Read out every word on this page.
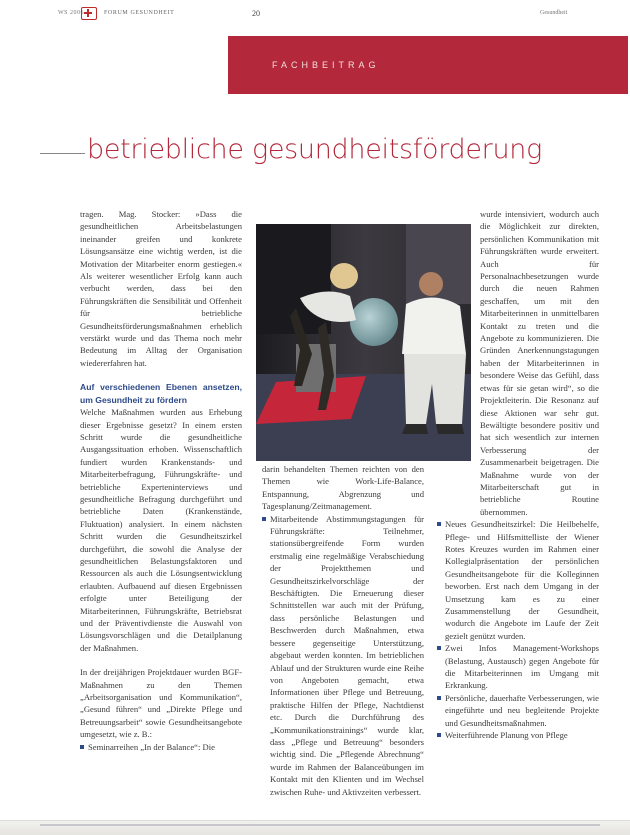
WS 2006	FORUM GESUNDHEIT	20	Gesundheit
FACHBEITRAG
betriebliche gesundheitsförderung

tragen. Mag. Stocker: »Dass die gesundheitlichen Arbeitsbelastungen ineinander greifen und konkrete Lösungsansätze eine wichtig werden, ist die Motivation der Mitarbeiter enorm gestiegen.« Als weiterer wesentlicher Erfolg kann auch verbucht werden, dass bei den Führungskräften die Sensibilität und Offenheit für betriebliche Gesundheitsförderungsmaßnahmen erheblich verstärkt wurde und das Thema noch mehr Bedeutung im Alltag der Organisation wiedererfahren hat.

Auf verschiedenen Ebenen ansetzen, um Gesundheit zu fördern

Welche Maßnahmen wurden aus Erhebung dieser Ergebnisse gesetzt? In einem ersten Schritt wurde die gesundheitliche Ausgangssituation erhoben. Wissenschaftlich fundiert wurden Krankenstands- und Mitarbeiterbefragung, Führungskräfte- und betriebliche Experteninterviews und gesundheitliche Befragung durchgeführt und betriebliche Daten (Krankenstände, Fluktuation) analysiert. In einem nächsten Schritt wurden die Gesundheitszirkel durchgeführt, die sowohl die Analyse der gesundheitlichen Belastungsfaktoren und Ressourcen als auch die Lösungsentwicklung erlaubten. Aufbauend auf diesen Ergebnissen erfolgte unter Beteiligung der Mitarbeiterinnen, Führungskräfte, Betriebsrat und der Präventivdienste die Auswahl von Lösungsvorschlägen und die Detailplanung der Maßnahmen.

In der dreijährigen Projektdauer wurden BGF-Maßnahmen zu den Themen „Arbeitsorganisation und Kommunikation“, „Gesund führen“ und „Direkte Pflege und Betreuungsarbeit“ sowie Gesundheitsangebote umgesetzt, wie z. B.:

Seminarreihen „In der Balance“: Die

darin behandelten Themen reichten von den Themen wie Work-Life-Balance, Entspannung, Abgrenzung und Tagesplanung/Zeitmanagement.

Mitarbeitende Abstimmungstagungen für Führungskräfte: Teilnehmer, stationsübergreifende Form wurden erstmalig eine regelmäßige Verabschiedung der Projektthemen und Gesundheitszirkelvorschläge der Beschäftigten. Die Erneuerung dieser Schnittstellen war auch mit der Prüfung, dass persönliche Belastungen und Beschwerden durch Maßnahmen, etwa bessere gegenseitige Unterstützung, abgebaut werden konnten. Im betrieblichen Ablauf und der Strukturen wurde eine Reihe von Angeboten gemacht, etwa Informationen über Pflege und Betreuung, praktische Hilfen der Pflege, Nachtdienst etc. Durch die Durchführung des „Kommunikationstrainings“ wurde klar, dass „Pflege und Betreuung“ besonders wichtig sind. Die „Pflegende Abrechnung“ wurde im Rahmen der Balanceübungen im Kontakt mit den Klienten und im Wechsel zwischen Ruhe- und Aktivzeiten verbessert.

wurde intensiviert, wodurch auch die Möglichkeit zur direkten, persönlichen Kommunikation mit Führungskräften wurde erweitert. Auch für Personalnachbesetzungen wurde durch die neuen Rahmen geschaffen, um mit den Mitarbeiterinnen in unmittelbaren Kontakt zu treten und die Angebote zu kommunizieren. Die Gründen Anerkennungstagungen haben der Mitarbeiterinnen in besondere Weise das Gefühl, dass etwas für sie getan wird“, so die Projektleiterin. Die Resonanz auf diese Aktionen war sehr gut. Bewältigte besondere positiv und hat sich wesentlich zur internen Verbesserung der Zusammenarbeit beigetragen. Die Maßnahme wurde von der Mitarbeiterschaft gut in betriebliche Routine übernommen.

Neues Gesundheitszirkel: Die Heilbehelfe, Pflege- und Hilfsmittelliste der Wiener Rotes Kreuzes wurden im Rahmen einer Kollegialpräsentation der persönlichen Gesundheitsangebote für die Kolleginnen beworben. Erst nach dem Umgang in der Umsetzung kam es zu einer Zusammenstellung der Gesundheit, wodurch die Angebote im Laufe der Zeit gezielt genützt wurden.
Zwei Infos Management-Workshops (Belastung, Austausch) gegen Angebote für die Mitarbeiterinnen im Umgang mit Erkrankung.
Persönliche, dauerhafte Verbesserungen, wie eingeführte und neu begleitende Projekte und Gesundheitsmaßnahmen.
Weiterführende Planung von Pflege
